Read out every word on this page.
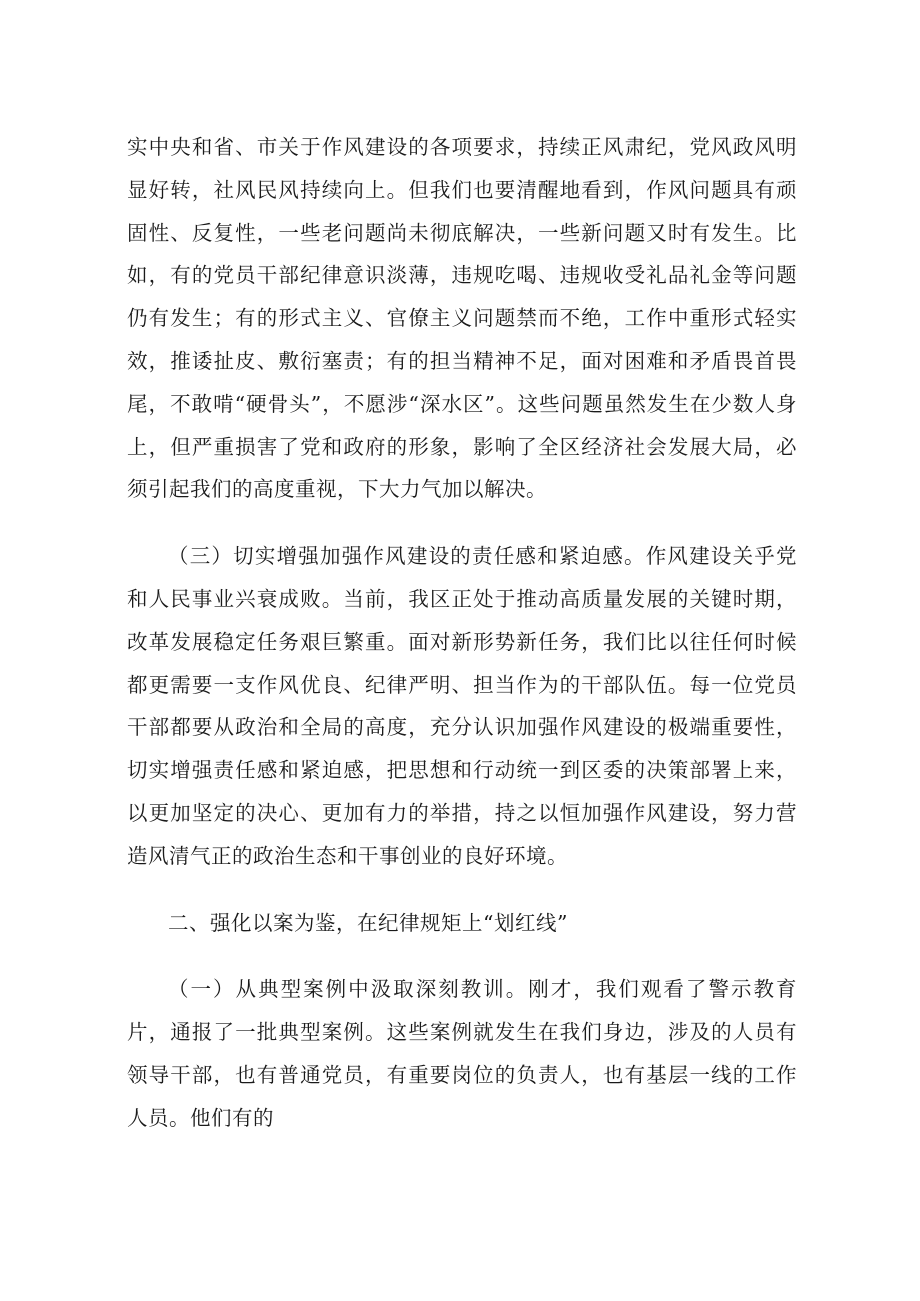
实中央和省、市关于作风建设的各项要求，持续正风肃纪，党风政风明显好转，社风民风持续向上。但我们也要清醒地看到，作风问题具有顽固性、反复性，一些老问题尚未彻底解决，一些新问题又时有发生。比如，有的党员干部纪律意识淡薄，违规吃喝、违规收受礼品礼金等问题仍有发生；有的形式主义、官僚主义问题禁而不绝，工作中重形式轻实效，推诿扯皮、敷衍塞责；有的担当精神不足，面对困难和矛盾畏首畏尾，不敢啃“硬骨头”，不愿涉“深水区”。这些问题虽然发生在少数人身上，但严重损害了党和政府的形象，影响了全区经济社会发展大局，必须引起我们的高度重视，下大力气加以解决。

（三）切实增强加强作风建设的责任感和紧迫感。作风建设关乎党和人民事业兴衰成败。当前，我区正处于推动高质量发展的关键时期，改革发展稳定任务艰巨繁重。面对新形势新任务，我们比以往任何时候都更需要一支作风优良、纪律严明、担当作为的干部队伍。每一位党员干部都要从政治和全局的高度，充分认识加强作风建设的极端重要性，切实增强责任感和紧迫感，把思想和行动统一到区委的决策部署上来，以更加坚定的决心、更加有力的举措，持之以恒加强作风建设，努力营造风清气正的政治生态和干事创业的良好环境。

二、强化以案为鉴，在纪律规矩上“划红线”

（一）从典型案例中汲取深刻教训。刚才，我们观看了警示教育片，通报了一批典型案例。这些案例就发生在我们身边，涉及的人员有领导干部，也有普通党员，有重要岗位的负责人，也有基层一线的工作人员。他们有的
